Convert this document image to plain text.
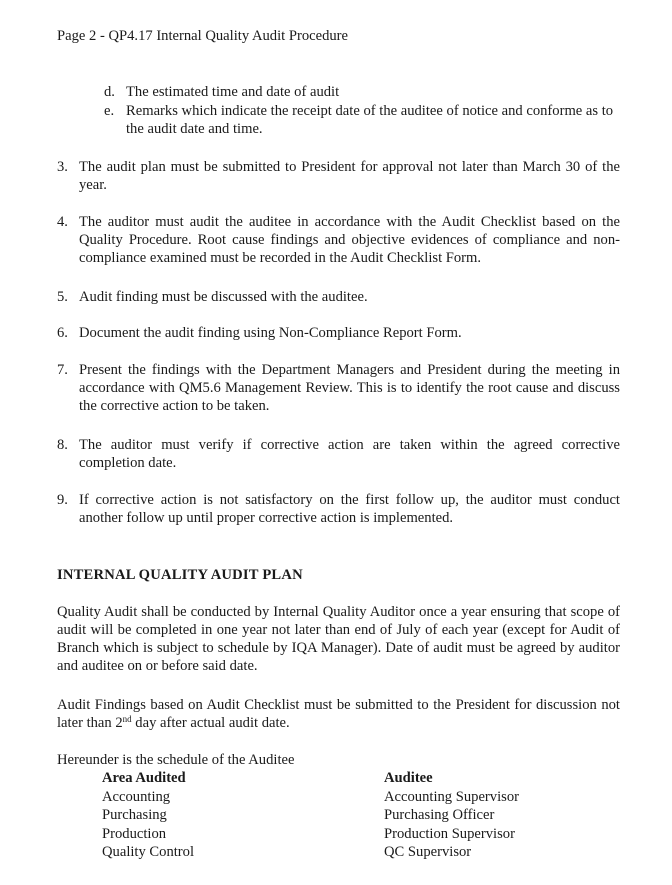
Page 2 - QP4.17 Internal Quality Audit Procedure
d. The estimated time and date of audit
e. Remarks which indicate the receipt date of the auditee of notice and conforme as to the audit date and time.
3. The audit plan must be submitted to President for approval not later than March 30 of the year.
4. The auditor must audit the auditee in accordance with the Audit Checklist based on the Quality Procedure. Root cause findings and objective evidences of compliance and non-compliance examined must be recorded in the Audit Checklist Form.
5. Audit finding must be discussed with the auditee.
6. Document the audit finding using Non-Compliance Report Form.
7. Present the findings with the Department Managers and President during the meeting in accordance with QM5.6 Management Review. This is to identify the root cause and discuss the corrective action to be taken.
8. The auditor must verify if corrective action are taken within the agreed corrective completion date.
9. If corrective action is not satisfactory on the first follow up, the auditor must conduct another follow up until proper corrective action is implemented.
INTERNAL QUALITY AUDIT PLAN
Quality Audit shall be conducted by Internal Quality Auditor once a year ensuring that scope of audit will be completed in one year not later than end of July of each year (except for Audit of Branch which is subject to schedule by IQA Manager). Date of audit must be agreed by auditor and auditee on or before said date.
Audit Findings based on Audit Checklist must be submitted to the President for discussion not later than 2nd day after actual audit date.
Hereunder is the schedule of the Auditee
Area Audited
Accounting
Purchasing
Production
Quality Control
Auditee
Accounting Supervisor
Purchasing Officer
Production Supervisor
QC Supervisor
